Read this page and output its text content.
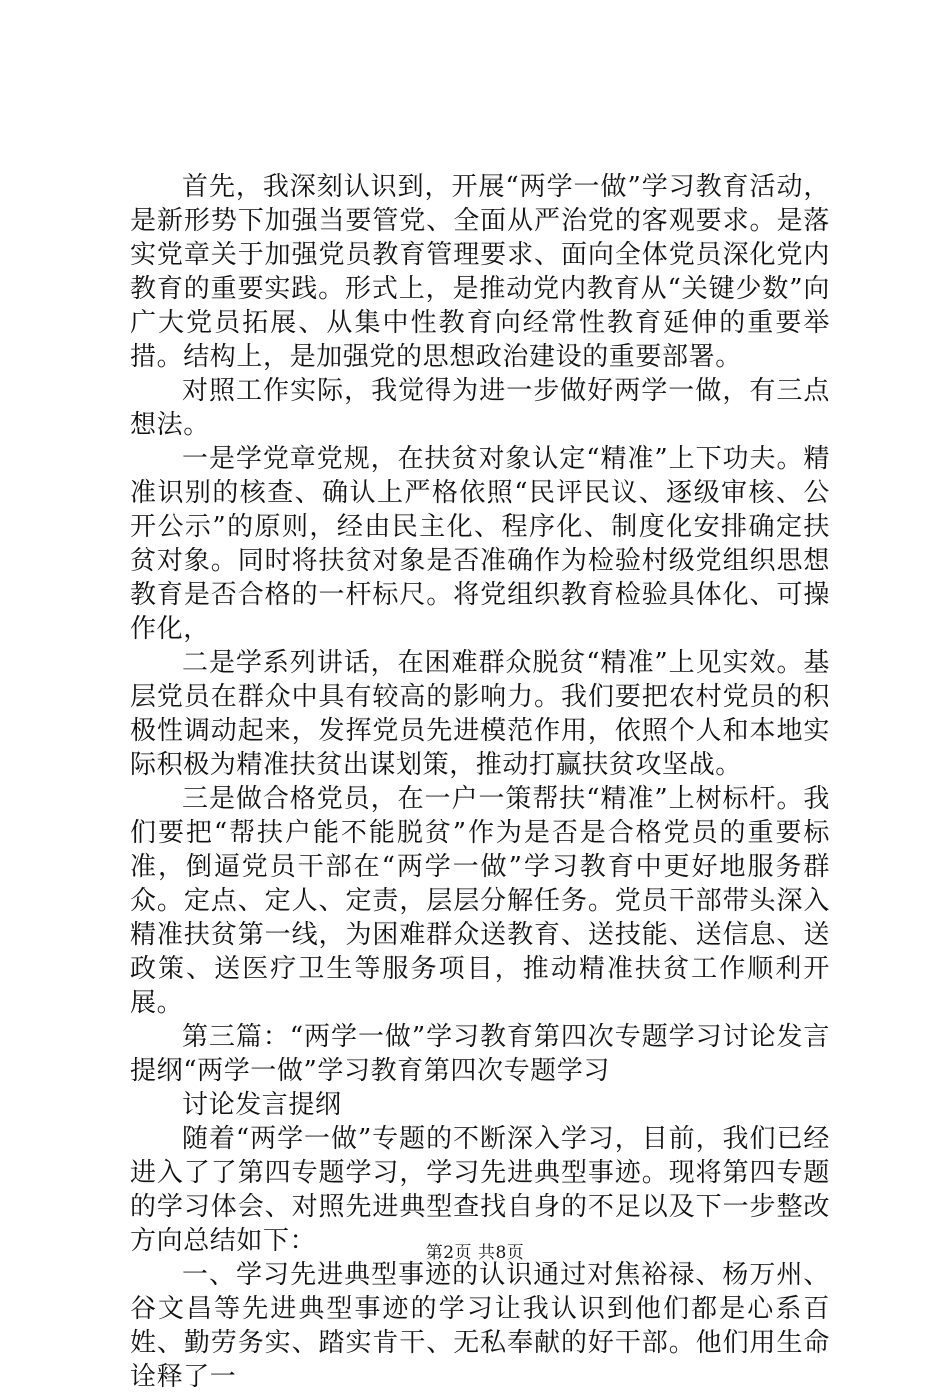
首先，我深刻认识到，开展“两学一做”学习教育活动，是新形势下加强当要管党、全面从严治党的客观要求。是落实党章关于加强党员教育管理要求、面向全体党员深化党内教育的重要实践。形式上，是推动党内教育从“关键少数”向广大党员拓展、从集中性教育向经常性教育延伸的重要举措。结构上，是加强党的思想政治建设的重要部署。

对照工作实际，我觉得为进一步做好两学一做，有三点想法。

一是学党章党规，在扶贫对象认定“精准”上下功夫。精准识别的核查、确认上严格依照“民评民议、逐级审核、公开公示”的原则，经由民主化、程序化、制度化安排确定扶贫对象。同时将扶贫对象是否准确作为检验村级党组织思想教育是否合格的一杆标尺。将党组织教育检验具体化、可操作化，

二是学系列讲话，在困难群众脱贫“精准”上见实效。基层党员在群众中具有较高的影响力。我们要把农村党员的积极性调动起来，发挥党员先进模范作用，依照个人和本地实际积极为精准扶贫出谋划策，推动打赢扶贫攻坚战。

三是做合格党员，在一户一策帮扶“精准”上树标杆。我们要把“帮扶户能不能脱贫”作为是否是合格党员的重要标准，倒逼党员干部在“两学一做”学习教育中更好地服务群众。定点、定人、定责，层层分解任务。党员干部带头深入精准扶贫第一线，为困难群众送教育、送技能、送信息、送政策、送医疗卫生等服务项目，推动精准扶贫工作顺利开展。

第三篇：“两学一做”学习教育第四次专题学习讨论发言提纲“两学一做”学习教育第四次专题学习

讨论发言提纲

随着“两学一做”专题的不断深入学习，目前，我们已经进入了了第四专题学习，学习先进典型事迹。现将第四专题的学习体会、对照先进典型查找自身的不足以及下一步整改方向总结如下：

一、学习先进典型事迹的认识通过对焦裕禄、杨万州、谷文昌等先进典型事迹的学习让我认识到他们都是心系百姓、勤劳务实、踏实肯干、无私奉献的好干部。他们用生命诠释了一

第2页 共8页
